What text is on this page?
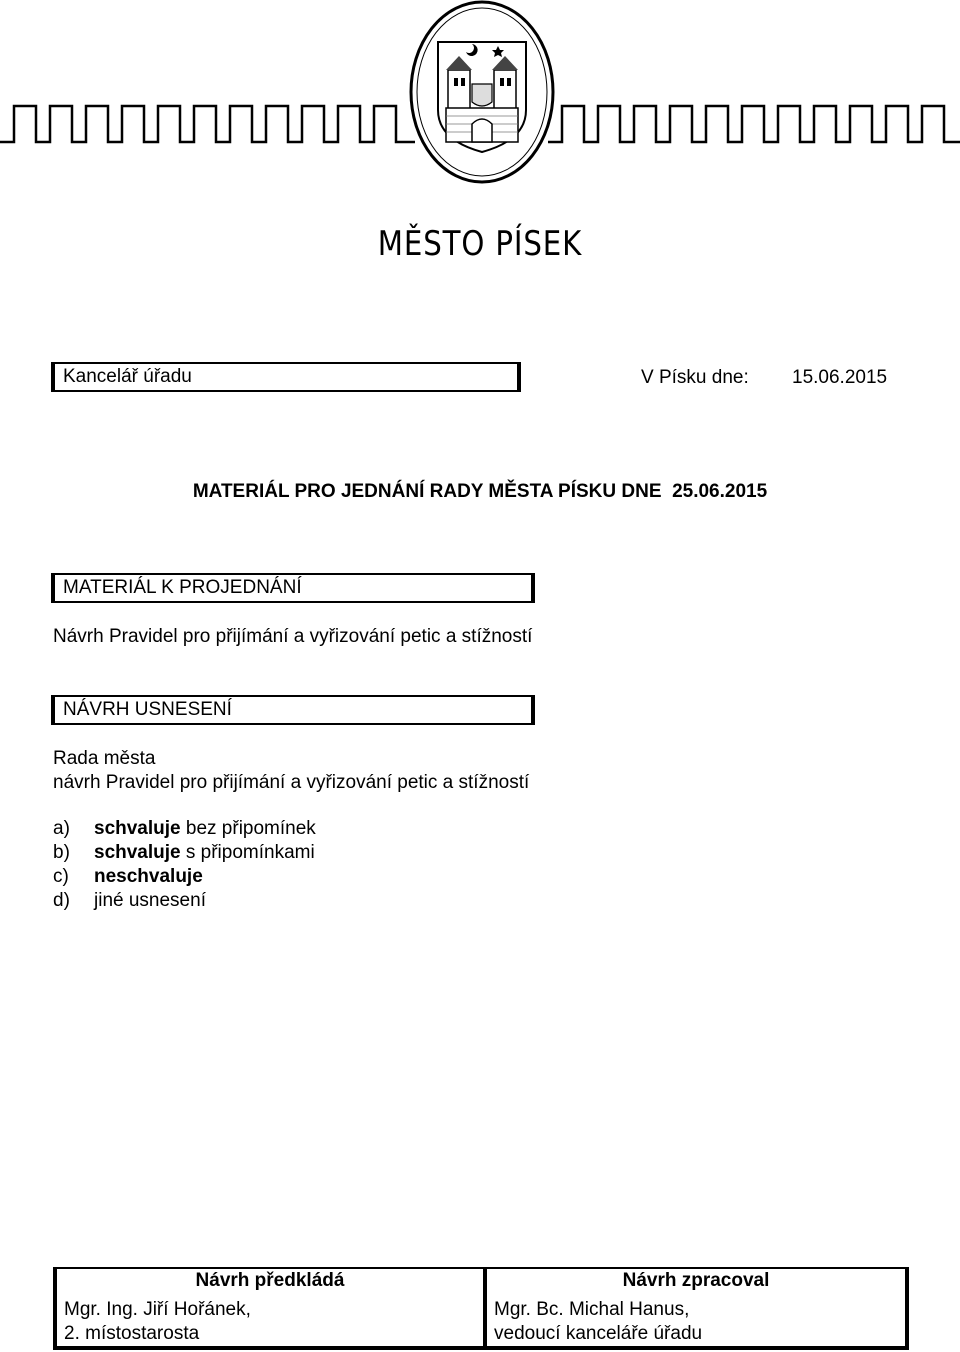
MĚSTO PÍSEK
Kancelář úřadu	V Písku dne: 15.06.2015
MATERIÁL PRO JEDNÁNÍ RADY MĚSTA PÍSKU DNE  25.06.2015
MATERIÁL K PROJEDNÁNÍ
Návrh Pravidel pro přijímání a vyřizování petic a stížností
NÁVRH USNESENÍ
Rada města
návrh Pravidel pro přijímání a vyřizování petic a stížností
a) schvaluje bez připomínek
b) schvaluje s připomínkami
c) neschvaluje
d) jiné usnesení
Návrh předkládá
Mgr. Ing. Jiří Hořánek,
2. místostarosta
Návrh zpracoval
Mgr. Bc. Michal Hanus,
vedoucí kanceláře úřadu
